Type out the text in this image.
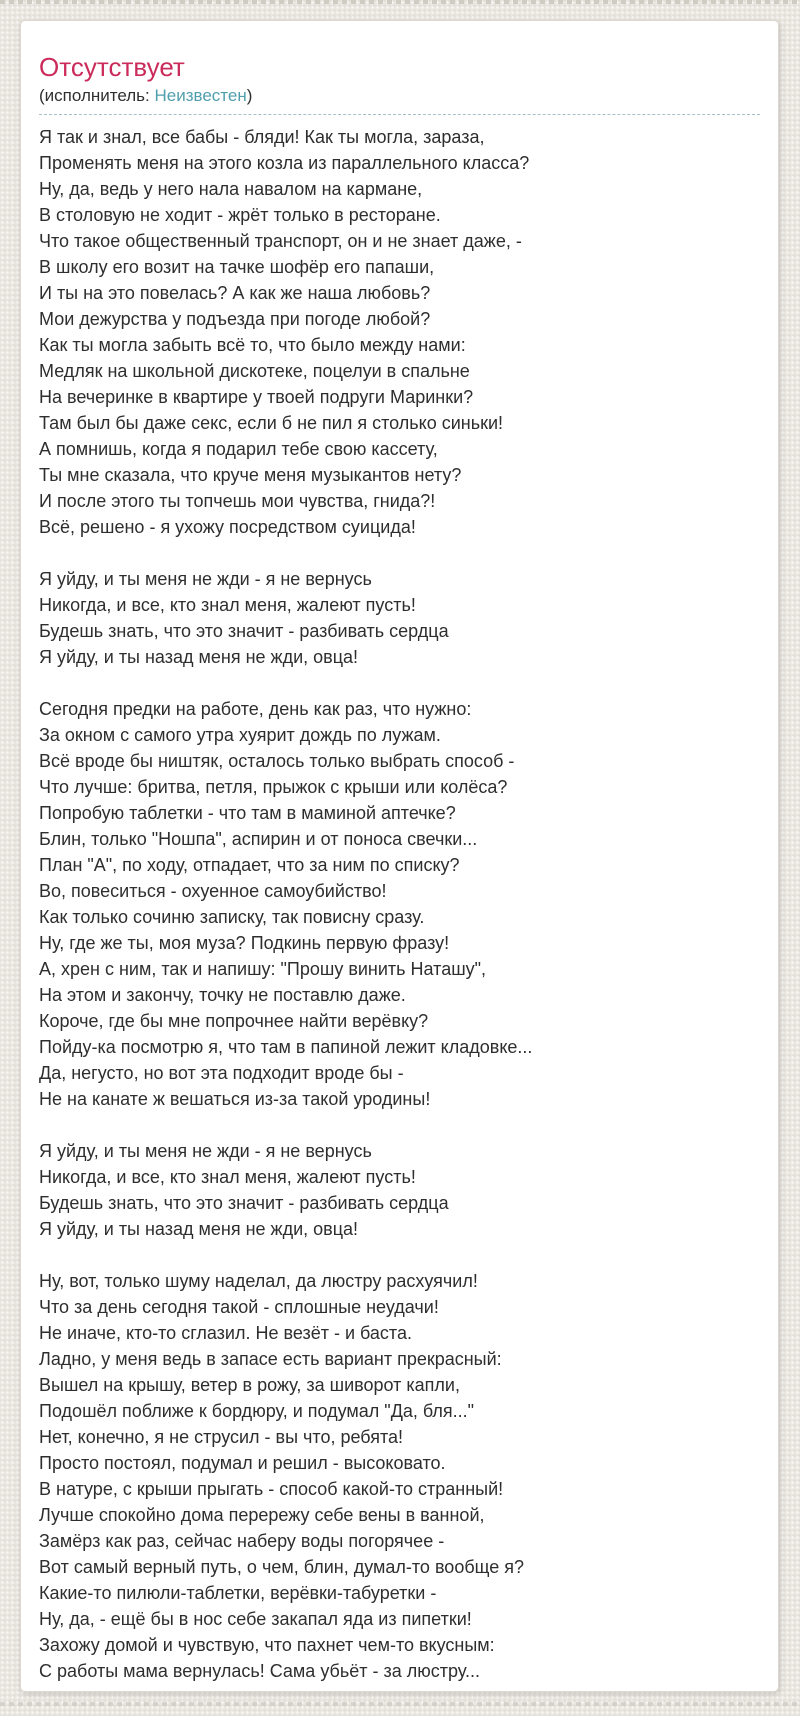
Отсутствует
(исполнитель: Неизвестен)

Я так и знал, все бабы - бляди! Как ты могла, зараза,
Променять меня на этого козла из параллельного класса?
Ну, да, ведь у него нала навалом на кармане,
В столовую не ходит - жрёт только в ресторане.
Что такое общественный транспорт, он и не знает даже, -
В школу его возит на тачке шофёр его папаши,
И ты на это повелась? А как же наша любовь?
Мои дежурства у подъезда при погоде любой?
Как ты могла забыть всё то, что было между нами:
Медляк на школьной дискотеке, поцелуи в спальне
На вечеринке в квартире у твоей подруги Маринки?
Там был бы даже секс, если б не пил я столько синьки!
А помнишь, когда я подарил тебе свою кассету,
Ты мне сказала, что круче меня музыкантов нету?
И после этого ты топчешь мои чувства, гнида?!
Всё, решено - я ухожу посредством суицида!

Я уйду, и ты меня не жди - я не вернусь
Никогда, и все, кто знал меня, жалеют пусть!
Будешь знать, что это значит - разбивать сердца
Я уйду, и ты назад меня не жди, овца!

Сегодня предки на работе, день как раз, что нужно:
За окном с самого утра хуярит дождь по лужам.
Всё вроде бы ништяк, осталось только выбрать способ -
Что лучше: бритва, петля, прыжок с крыши или колёса?
Попробую таблетки - что там в маминой аптечке?
Блин, только "Ношпа", аспирин и от поноса свечки...
План "А", по ходу, отпадает, что за ним по списку?
Во, повеситься - охуенное самоубийство!
Как только сочиню записку, так повисну сразу.
Ну, где же ты, моя муза? Подкинь первую фразу!
А, хрен с ним, так и напишу: "Прошу винить Наташу",
На этом и закончу, точку не поставлю даже.
Короче, где бы мне попрочнее найти верёвку?
Пойду-ка посмотрю я, что там в папиной лежит кладовке...
Да, негусто, но вот эта подходит вроде бы -
Не на канате ж вешаться из-за такой уродины!

Я уйду, и ты меня не жди - я не вернусь
Никогда, и все, кто знал меня, жалеют пусть!
Будешь знать, что это значит - разбивать сердца
Я уйду, и ты назад меня не жди, овца!

Ну, вот, только шуму наделал, да люстру расхуячил!
Что за день сегодня такой - сплошные неудачи!
Не иначе, кто-то сглазил. Не везёт - и баста.
Ладно, у меня ведь в запасе есть вариант прекрасный:
Вышел на крышу, ветер в рожу, за шиворот капли,
Подошёл поближе к бордюру, и подумал "Да, бля..."
Нет, конечно, я не струсил - вы что, ребята!
Просто постоял, подумал и решил - высоковато.
В натуре, с крыши прыгать - способ какой-то странный!
Лучше спокойно дома перережу себе вены в ванной,
Замёрз как раз, сейчас наберу воды погорячее -
Вот самый верный путь, о чем, блин, думал-то вообще я?
Какие-то пилюли-таблетки, верёвки-табуретки -
Ну, да, - ещё бы в нос себе закапал яда из пипетки!
Захожу домой и чувствую, что пахнет чем-то вкусным:
С работы мама вернулась! Сама убьёт - за люстру...
